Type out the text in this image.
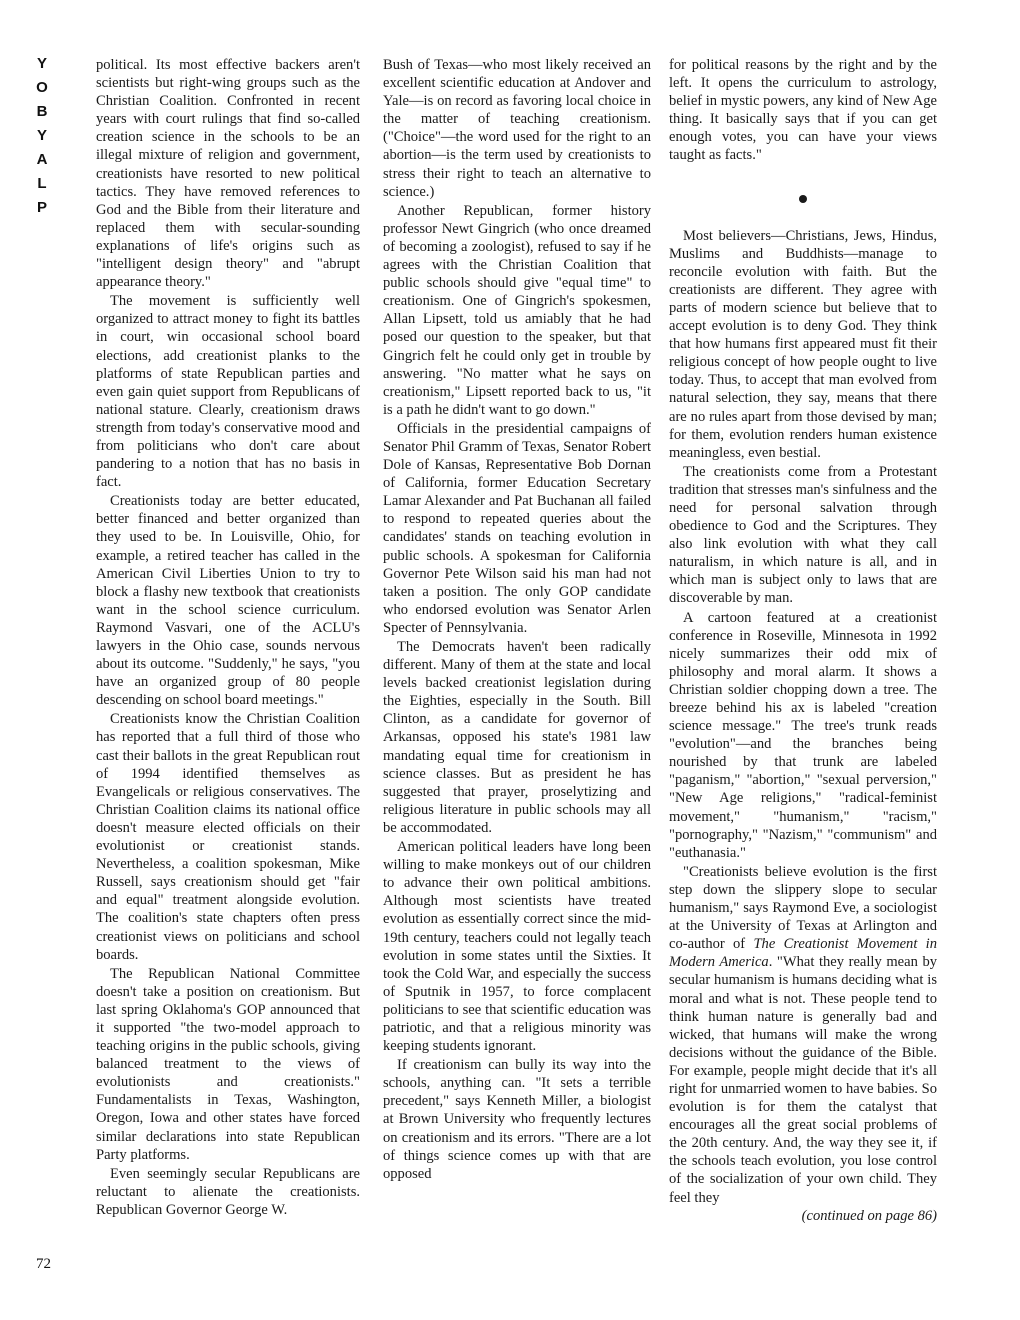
Y
O
B
Y
A
L
P

political. Its most effective backers aren't scientists but right-wing groups such as the Christian Coalition. Confronted in recent years with court rulings that find so-called creation science in the schools to be an illegal mixture of religion and government, creationists have resorted to new political tactics. They have removed references to God and the Bible from their literature and replaced them with secular-sounding explanations of life's origins such as "intelligent design theory" and "abrupt appearance theory."

The movement is sufficiently well organized to attract money to fight its battles in court, win occasional school board elections, add creationist planks to the platforms of state Republican parties and even gain quiet support from Republicans of national stature. Clearly, creationism draws strength from today's conservative mood and from politicians who don't care about pandering to a notion that has no basis in fact.

Creationists today are better educated, better financed and better organized than they used to be. In Louisville, Ohio, for example, a retired teacher has called in the American Civil Liberties Union to try to block a flashy new textbook that creationists want in the school science curriculum. Raymond Vasvari, one of the ACLU's lawyers in the Ohio case, sounds nervous about its outcome. "Suddenly," he says, "you have an organized group of 80 people descending on school board meetings."

Creationists know the Christian Coalition has reported that a full third of those who cast their ballots in the great Republican rout of 1994 identified themselves as Evangelicals or religious conservatives. The Christian Coalition claims its national office doesn't measure elected officials on their evolutionist or creationist stands. Nevertheless, a coalition spokesman, Mike Russell, says creationism should get "fair and equal" treatment alongside evolution. The coalition's state chapters often press creationist views on politicians and school boards.

The Republican National Committee doesn't take a position on creationism. But last spring Oklahoma's GOP announced that it supported "the two-model approach to teaching origins in the public schools, giving balanced treatment to the views of evolutionists and creationists." Fundamentalists in Texas, Washington, Oregon, Iowa and other states have forced similar declarations into state Republican Party platforms.

Even seemingly secular Republicans are reluctant to alienate the creationists. Republican Governor George W.

Bush of Texas—who most likely received an excellent scientific education at Andover and Yale—is on record as favoring local choice in the matter of teaching creationism. ("Choice"—the word used for the right to an abortion—is the term used by creationists to stress their right to teach an alternative to science.)

Another Republican, former history professor Newt Gingrich (who once dreamed of becoming a zoologist), refused to say if he agrees with the Christian Coalition that public schools should give "equal time" to creationism. One of Gingrich's spokesmen, Allan Lipsett, told us amiably that he had posed our question to the speaker, but that Gingrich felt he could only get in trouble by answering. "No matter what he says on creationism," Lipsett reported back to us, "it is a path he didn't want to go down."

Officials in the presidential campaigns of Senator Phil Gramm of Texas, Senator Robert Dole of Kansas, Representative Bob Dornan of California, former Education Secretary Lamar Alexander and Pat Buchanan all failed to respond to repeated queries about the candidates' stands on teaching evolution in public schools. A spokesman for California Governor Pete Wilson said his man had not taken a position. The only GOP candidate who endorsed evolution was Senator Arlen Specter of Pennsylvania.

The Democrats haven't been radically different. Many of them at the state and local levels backed creationist legislation during the Eighties, especially in the South. Bill Clinton, as a candidate for governor of Arkansas, opposed his state's 1981 law mandating equal time for creationism in science classes. But as president he has suggested that prayer, proselytizing and religious literature in public schools may all be accommodated.

American political leaders have long been willing to make monkeys out of our children to advance their own political ambitions. Although most scientists have treated evolution as essentially correct since the mid-19th century, teachers could not legally teach evolution in some states until the Sixties. It took the Cold War, and especially the success of Sputnik in 1957, to force complacent politicians to see that scientific education was patriotic, and that a religious minority was keeping students ignorant.

If creationism can bully its way into the schools, anything can. "It sets a terrible precedent," says Kenneth Miller, a biologist at Brown University who frequently lectures on creationism and its errors. "There are a lot of things science comes up with that are opposed

for political reasons by the right and by the left. It opens the curriculum to astrology, belief in mystic powers, any kind of New Age thing. It basically says that if you can get enough votes, you can have your views taught as facts."

Most believers—Christians, Jews, Hindus, Muslims and Buddhists—manage to reconcile evolution with faith. But the creationists are different. They agree with parts of modern science but believe that to accept evolution is to deny God. They think that how humans first appeared must fit their religious concept of how people ought to live today. Thus, to accept that man evolved from natural selection, they say, means that there are no rules apart from those devised by man; for them, evolution renders human existence meaningless, even bestial.

The creationists come from a Protestant tradition that stresses man's sinfulness and the need for personal salvation through obedience to God and the Scriptures. They also link evolution with what they call naturalism, in which nature is all, and in which man is subject only to laws that are discoverable by man.

A cartoon featured at a creationist conference in Roseville, Minnesota in 1992 nicely summarizes their odd mix of philosophy and moral alarm. It shows a Christian soldier chopping down a tree. The breeze behind his ax is labeled "creation science message." The tree's trunk reads "evolution"—and the branches being nourished by that trunk are labeled "paganism," "abortion," "sexual perversion," "New Age religions," "radical-feminist movement," "humanism," "racism," "pornography," "Nazism," "communism" and "euthanasia."

"Creationists believe evolution is the first step down the slippery slope to secular humanism," says Raymond Eve, a sociologist at the University of Texas at Arlington and co-author of The Creationist Movement in Modern America. "What they really mean by secular humanism is humans deciding what is moral and what is not. These people tend to think human nature is generally bad and wicked, that humans will make the wrong decisions without the guidance of the Bible. For example, people might decide that it's all right for unmarried women to have babies. So evolution is for them the catalyst that encourages all the great social problems of the 20th century. And, the way they see it, if the schools teach evolution, you lose control of the socialization of your own child. They feel they

(continued on page 86)

72
